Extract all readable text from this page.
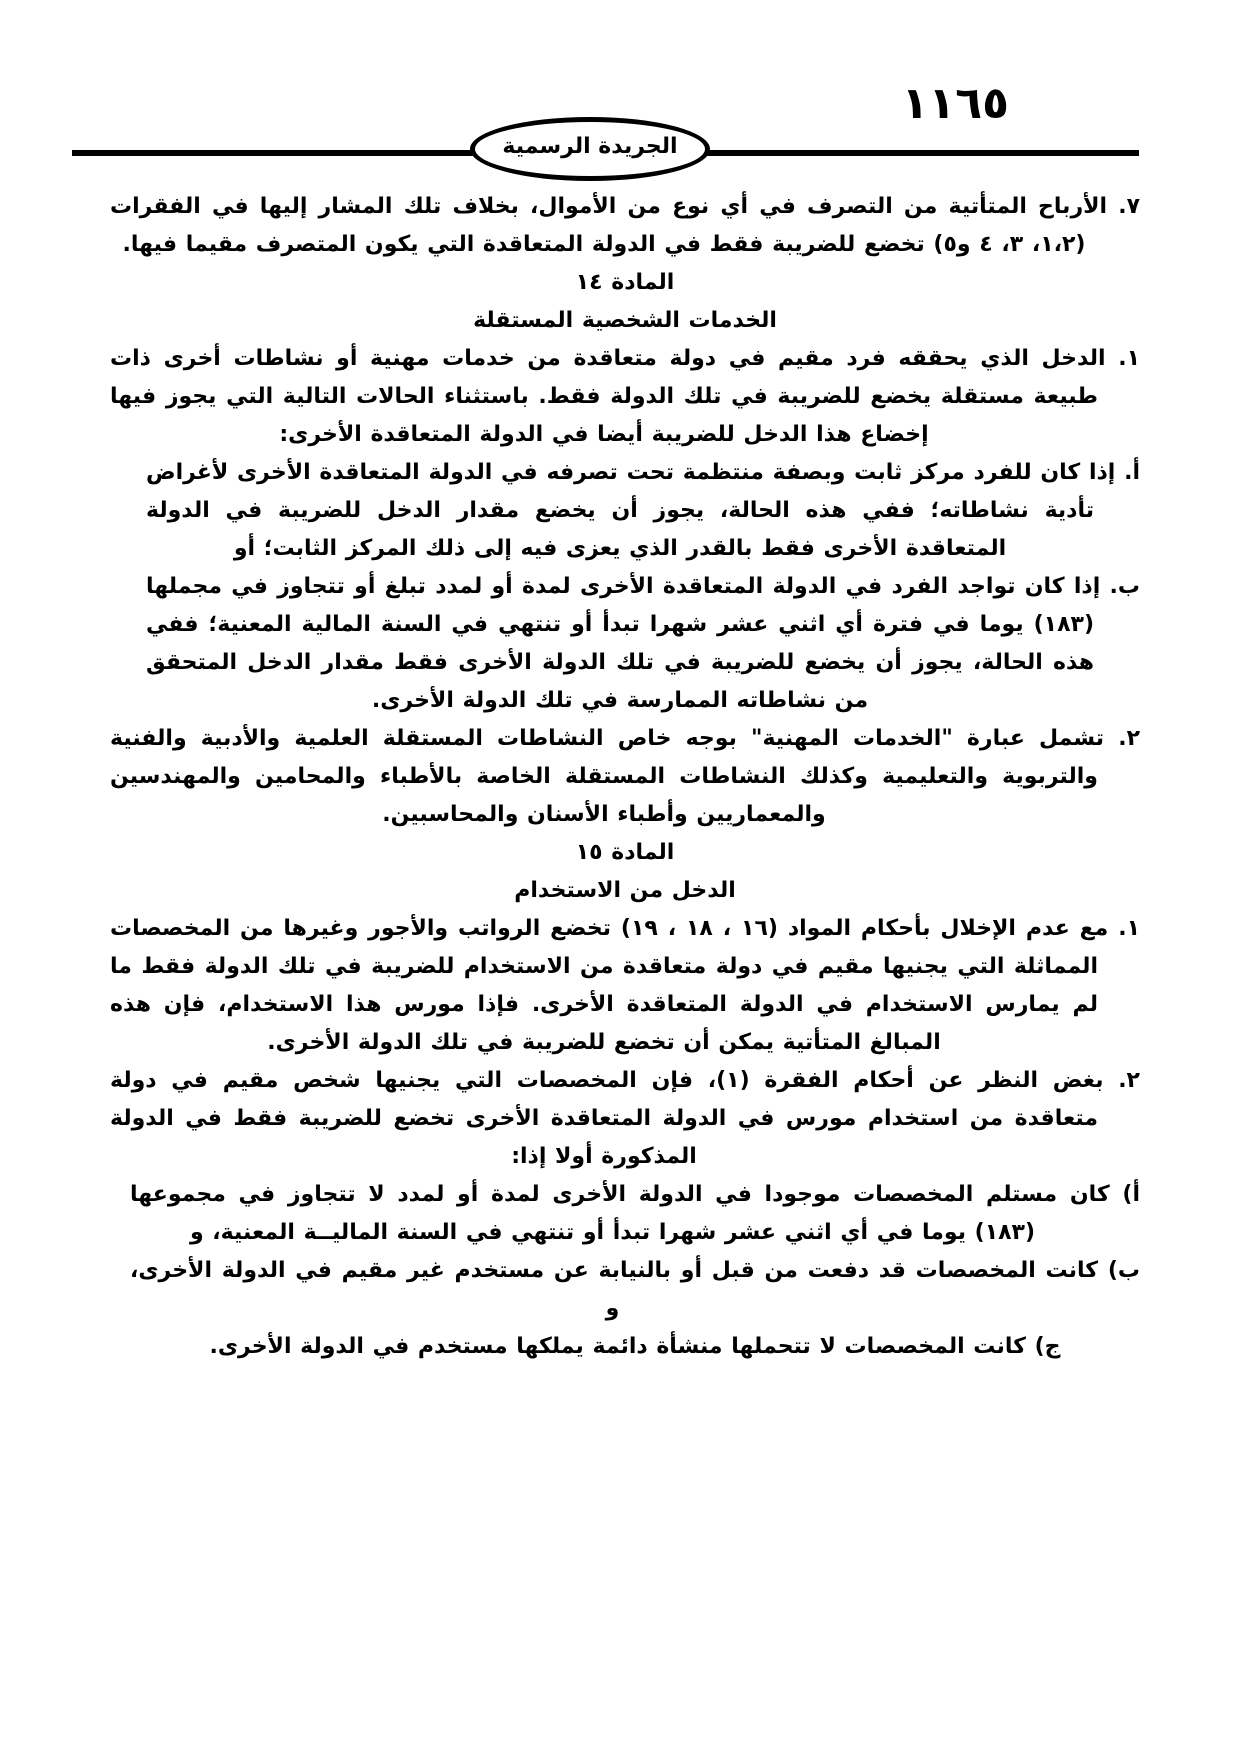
١١٦٥
الجريدة الرسمية

٧. الأرباح المتأتية من التصرف في أي نوع من الأموال، بخلاف تلك المشار إليها في الفقرات (١،٢، ٣، ٤ و٥) تخضع للضريبة فقط في الدولة المتعاقدة التي يكون المتصرف مقيما فيها.

المادة ١٤

الخدمات الشخصية المستقلة

١. الدخل الذي يحققه فرد مقيم في دولة متعاقدة من خدمات مهنية أو نشاطات أخرى ذات طبيعة مستقلة يخضع للضريبة في تلك الدولة فقط. باستثناء الحالات التالية التي يجوز فيها إخضاع هذا الدخل للضريبة أيضا في الدولة المتعاقدة الأخرى:

أ. إذا كان للفرد مركز ثابت وبصفة منتظمة تحت تصرفه في الدولة المتعاقدة الأخرى لأغراض تأدية نشاطاته؛ ففي هذه الحالة، يجوز أن يخضع مقدار الدخل للضريبة في الدولة المتعاقدة الأخرى فقط بالقدر الذي يعزى فيه إلى ذلك المركز الثابت؛ أو

ب. إذا كان تواجد الفرد في الدولة المتعاقدة الأخرى لمدة أو لمدد تبلغ أو تتجاوز في مجملها (١٨٣) يوما في فترة أي اثني عشر شهرا تبدأ أو تنتهي في السنة المالية المعنية؛ ففي هذه الحالة، يجوز أن يخضع للضريبة في تلك الدولة الأخرى فقط مقدار الدخل المتحقق من نشاطاته الممارسة في تلك الدولة الأخرى.

٢. تشمل عبارة "الخدمات المهنية" بوجه خاص النشاطات المستقلة العلمية والأدبية والفنية والتربوية والتعليمية وكذلك النشاطات المستقلة الخاصة بالأطباء والمحامين والمهندسين والمعماريين وأطباء الأسنان والمحاسبين.

المادة ١٥

الدخل من الاستخدام

١. مع عدم الإخلال بأحكام المواد (١٦ ، ١٨ ، ١٩) تخضع الرواتب والأجور وغيرها من المخصصات المماثلة التي يجنيها مقيم في دولة متعاقدة من الاستخدام للضريبة في تلك الدولة فقط ما لم يمارس الاستخدام في الدولة المتعاقدة الأخرى. فإذا مورس هذا الاستخدام، فإن هذه المبالغ المتأتية يمكن أن تخضع للضريبة في تلك الدولة الأخرى.

٢. بغض النظر عن أحكام الفقرة (١)، فإن المخصصات التي يجنيها شخص مقيم في دولة متعاقدة من استخدام مورس في الدولة المتعاقدة الأخرى تخضع للضريبة فقط في الدولة المذكورة أولا إذا:

أ) كان مستلم المخصصات موجودا في الدولة الأخرى لمدة أو لمدد لا تتجاوز في مجموعها (١٨٣) يوما في أي اثني عشر شهرا تبدأ أو تنتهي في السنة الماليــة المعنية، و

ب) كانت المخصصات قد دفعت من قبل أو بالنيابة عن مستخدم غير مقيم في الدولة الأخرى، و

ج) كانت المخصصات لا تتحملها منشأة دائمة يملكها مستخدم في الدولة الأخرى.
